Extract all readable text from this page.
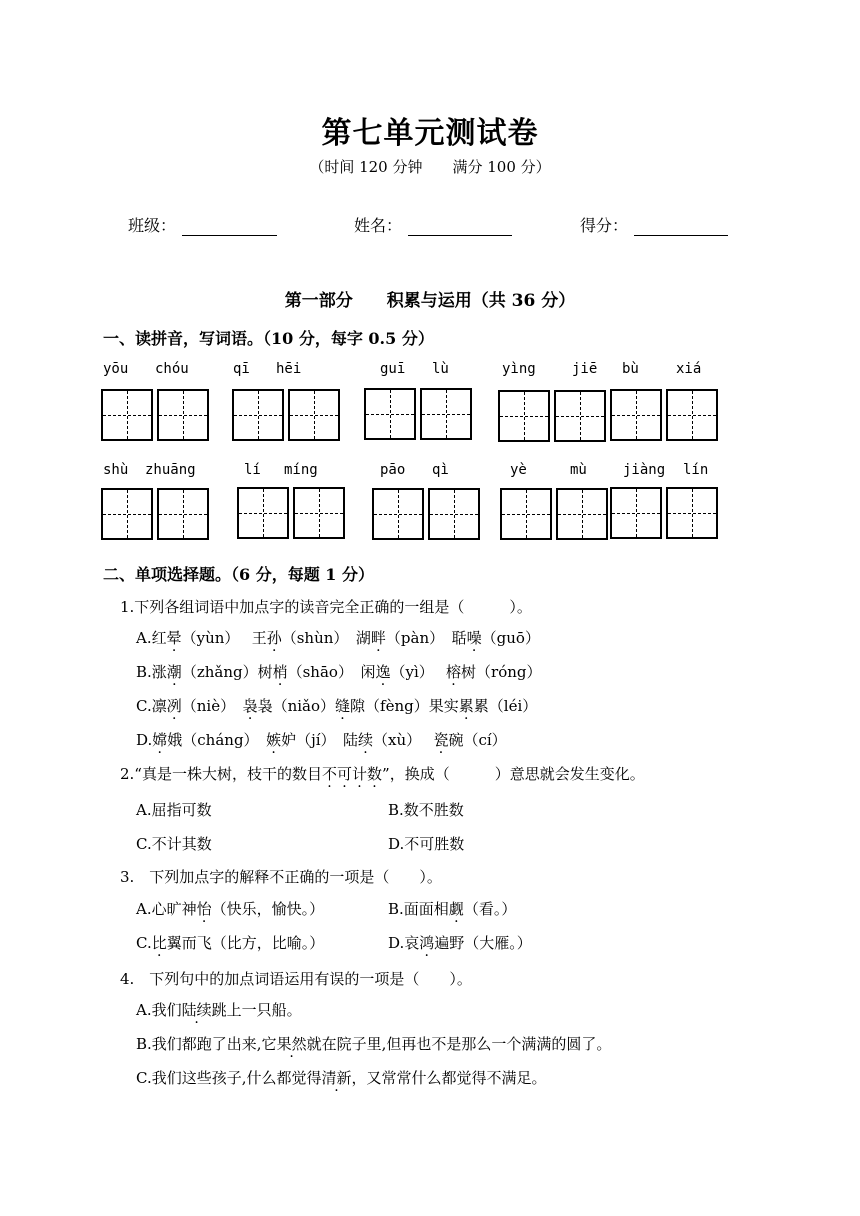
第七单元测试卷
（时间 120 分钟　　满分 100 分）
班级：	姓名：	得分：
第一部分　　积累与运用（共 36 分）
一、读拼音，写词语。（10 分，每字 0.5 分）
yōu chóu	qī hēi	guī lù	yìng	jiē bù	xiá
shù zhuāng	lí míng	pāo qì	yè	mù	jiàng lín
二、单项选择题。（6 分，每题 1 分）
1.下列各组词语中加点字的读音完全正确的一组是（　　　）。
A.红晕（yùn）　 王孙（shùn）　湖畔（pàn）　聒噪（guō）
B.涨潮（zhǎng）树梢（shāo）　闲逸（yì）　 榕树（róng）
C.凛冽（niè）　袅袅（niǎo）缝隙（fèng）果实累累（léi）
D.嫦娥（cháng）　嫉妒（jí）　陆续（xù）　 瓷碗（cí）
2.“真是一株大树，枝干的数目不可计数”，换成（　　　）意思就会发生变化。
A.屈指可数	B.数不胜数
C.不计其数	D.不可胜数
3.　下列加点字的解释不正确的一项是（　　）。
A.心旷神怡（快乐，愉快。）	B.面面相觑（看。）
C.比翼而飞（比方，比喻。）	D.哀鸿遍野（大雁。）
4.　下列句中的加点词语运用有误的一项是（　　）。
A.我们陆续跳上一只船。
B.我们都跑了出来,它果然就在院子里,但再也不是那么一个满满的圆了。
C.我们这些孩子,什么都觉得清新，又常常什么都觉得不满足。
